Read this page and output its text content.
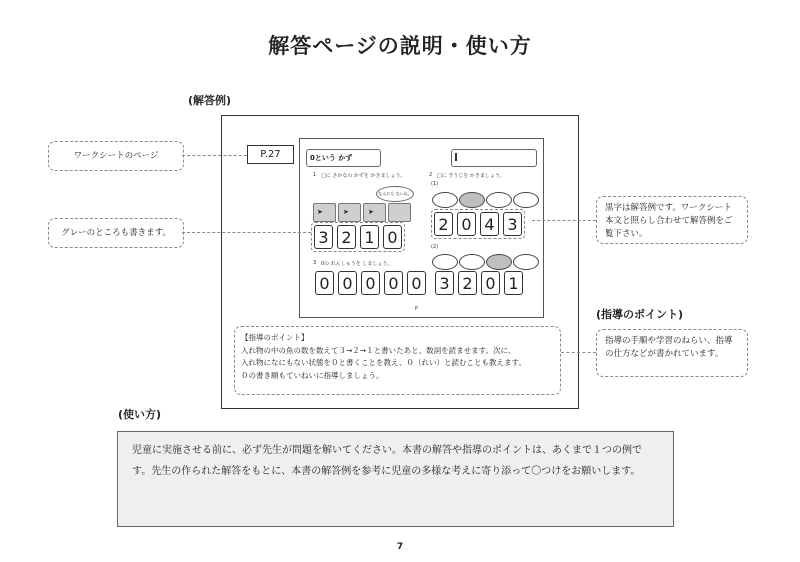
解答ページの説明・使い方
(解答例)
P.27	0という かず
1 □に さかなの かずを かきましょう。
なんにも ないね。
➤	➤	➤
3 2 1 0
3 0の れんしゅうを しましょう。
0 0 0 0 0
2 □に すうじを かきましょう。
(1)
2 0 4 3
(2)
3 2 0 1
P
【指導のポイント】
入れ物の中の魚の数を数えて３→２→１と書いたあと、数詞を読ませます。次に、
入れ物になにもない状態を０と書くことを教え、０（れい）と読むことも教えます。
０の書き順もていねいに指導しましょう。
ワークシートのページ
グレーのところも書きます。
黒字は解答例です。ワークシート本文と照らし合わせて解答例をご覧下さい。
(指導のポイント)
指導の手順や学習のねらい、指導の仕方などが書かれています。
(使い方)
児童に実施させる前に、必ず先生が問題を解いてください。本書の解答や指導のポイントは、あくまで１つの例です。先生の作られた解答をもとに、本書の解答例を参考に児童の多様な考えに寄り添って〇つけをお願いします。
7
